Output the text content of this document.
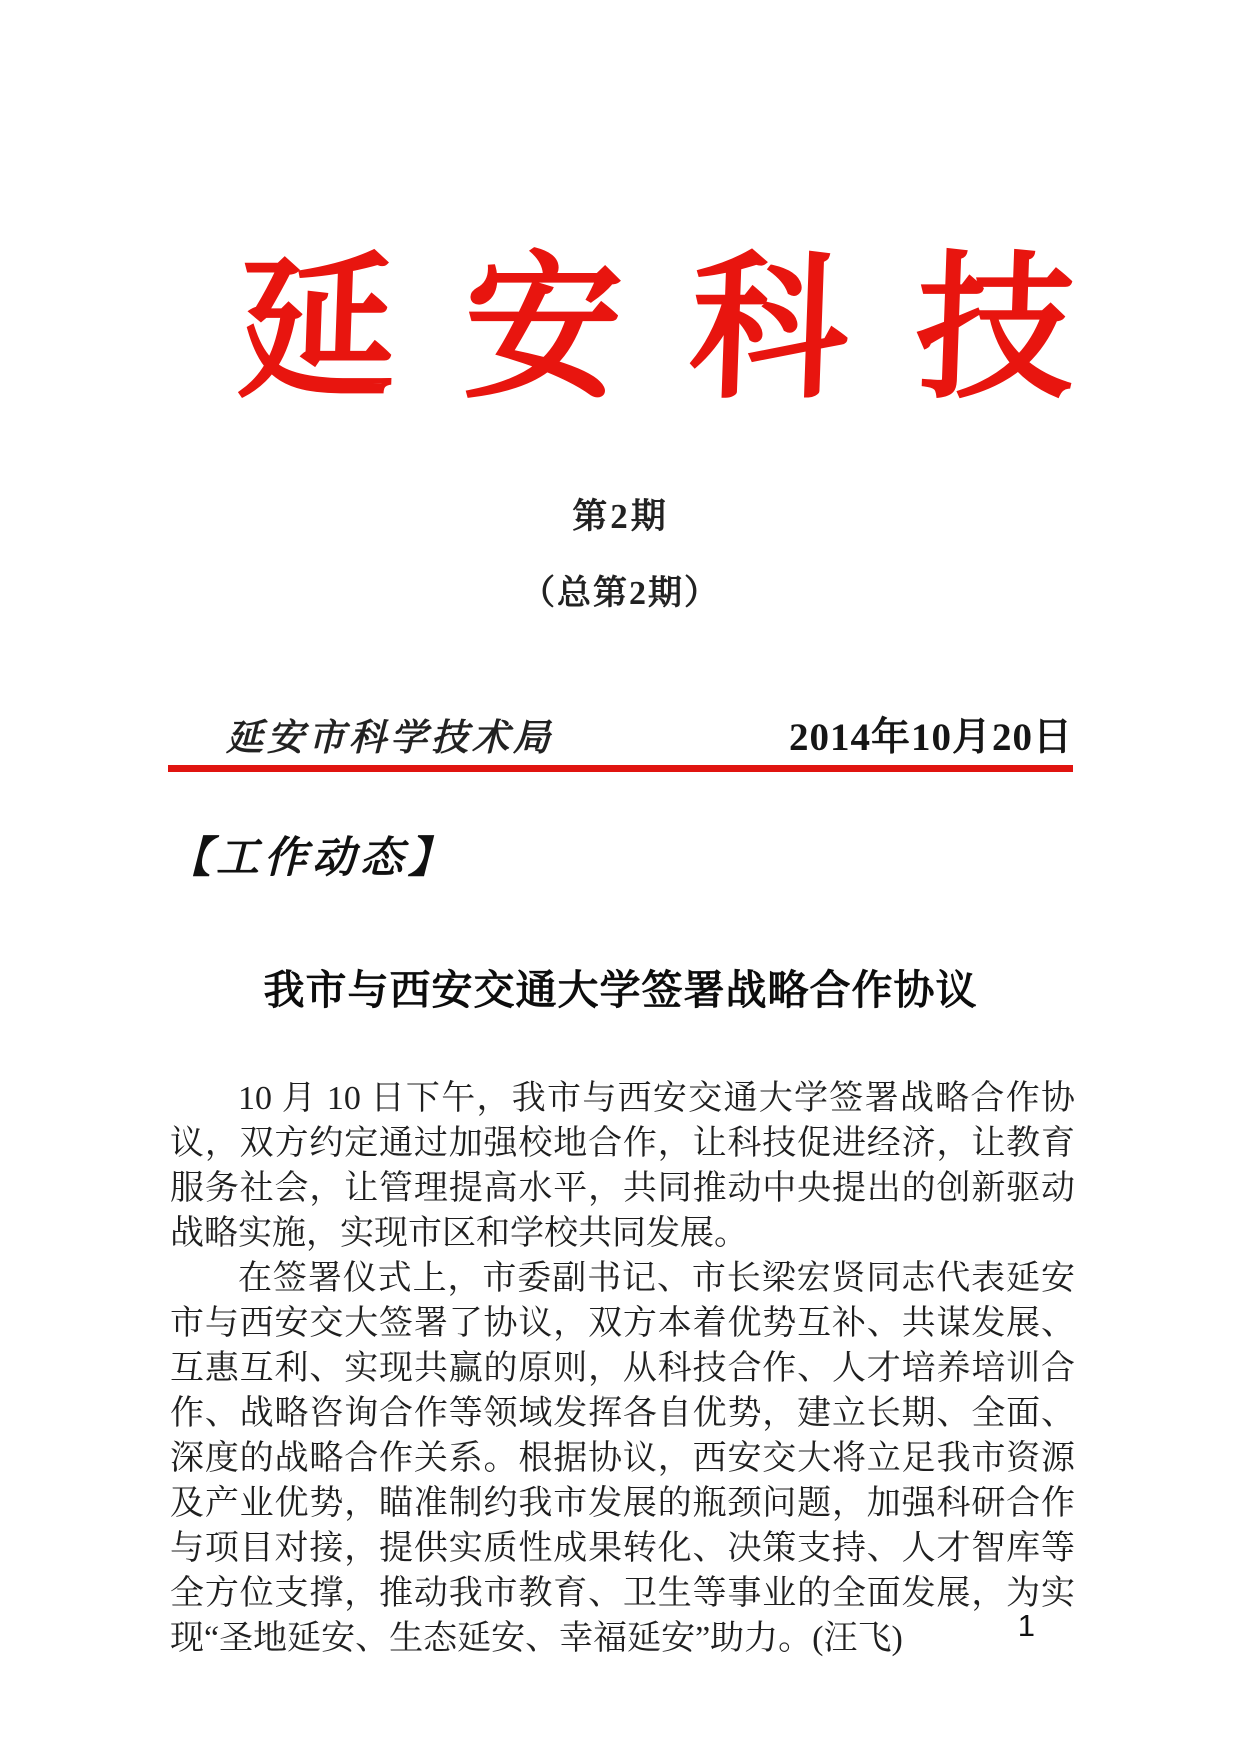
延安科技
第2期
（总第2期）
延安市科学技术局	2014年10月20日
【工作动态】
我市与西安交通大学签署战略合作协议

10 月 10 日下午，我市与西安交通大学签署战略合作协议，双方约定通过加强校地合作，让科技促进经济，让教育服务社会，让管理提高水平，共同推动中央提出的创新驱动战略实施，实现市区和学校共同发展。

在签署仪式上，市委副书记、市长梁宏贤同志代表延安市与西安交大签署了协议，双方本着优势互补、共谋发展、互惠互利、实现共赢的原则，从科技合作、人才培养培训合作、战略咨询合作等领域发挥各自优势，建立长期、全面、深度的战略合作关系。根据协议，西安交大将立足我市资源及产业优势，瞄准制约我市发展的瓶颈问题，加强科研合作与项目对接，提供实质性成果转化、决策支持、人才智库等全方位支撑，推动我市教育、卫生等事业的全面发展，为实现“圣地延安、生态延安、幸福延安”助力。(汪飞)	1
